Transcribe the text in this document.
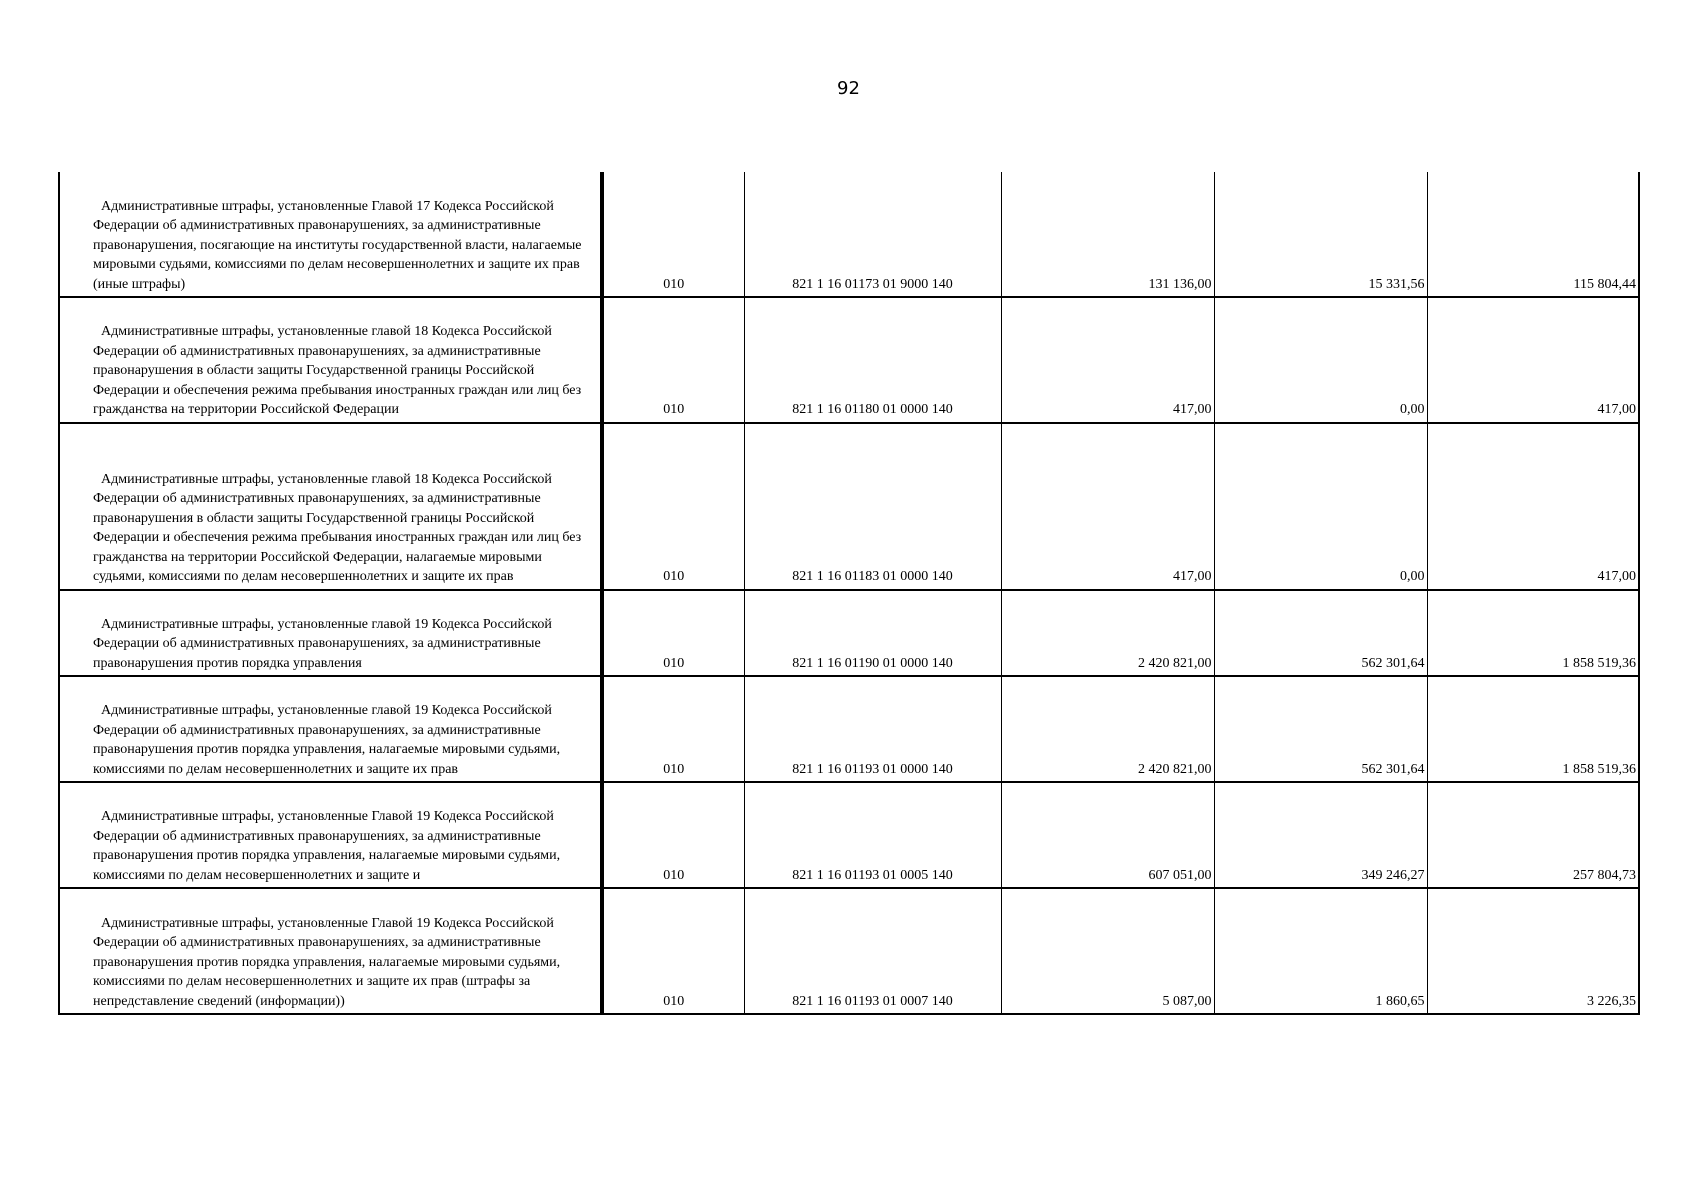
92
Административные штрафы, установленные Главой 17 Кодекса Российской Федерации об административных правонарушениях, за административные правонарушения, посягающие на институты государственной власти, налагаемые мировыми судьями, комиссиями по делам несовершеннолетних и защите их прав (иные штрафы)	010	821 1 16 01173 01 9000 140	131 136,00	15 331,56	115 804,44

Административные штрафы, установленные главой 18 Кодекса Российской Федерации об административных правонарушениях, за административные правонарушения в области защиты Государственной границы Российской Федерации и обеспечения режима пребывания иностранных граждан или лиц без гражданства на территории Российской Федерации	010	821 1 16 01180 01 0000 140	417,00	0,00	417,00

Административные штрафы, установленные главой 18 Кодекса Российской Федерации об административных правонарушениях, за административные правонарушения в области защиты Государственной границы Российской Федерации и обеспечения режима пребывания иностранных граждан или лиц без гражданства на территории Российской Федерации, налагаемые мировыми судьями, комиссиями по делам несовершеннолетних и защите их прав	010	821 1 16 01183 01 0000 140	417,00	0,00	417,00

Административные штрафы, установленные главой 19 Кодекса Российской Федерации об административных правонарушениях, за административные правонарушения против порядка управления	010	821 1 16 01190 01 0000 140	2 420 821,00	562 301,64	1 858 519,36

Административные штрафы, установленные главой 19 Кодекса Российской Федерации об административных правонарушениях, за административные правонарушения против порядка управления, налагаемые мировыми судьями, комиссиями по делам несовершеннолетних и защите их прав	010	821 1 16 01193 01 0000 140	2 420 821,00	562 301,64	1 858 519,36

Административные штрафы, установленные Главой 19 Кодекса Российской Федерации об административных правонарушениях, за административные правонарушения против порядка управления, налагаемые мировыми судьями, комиссиями по делам несовершеннолетних и защите и	010	821 1 16 01193 01 0005 140	607 051,00	349 246,27	257 804,73

Административные штрафы, установленные Главой 19 Кодекса Российской Федерации об административных правонарушениях, за административные правонарушения против порядка управления, налагаемые мировыми судьями, комиссиями по делам несовершеннолетних и защите их прав (штрафы за непредставление сведений (информации))	010	821 1 16 01193 01 0007 140	5 087,00	1 860,65	3 226,35
